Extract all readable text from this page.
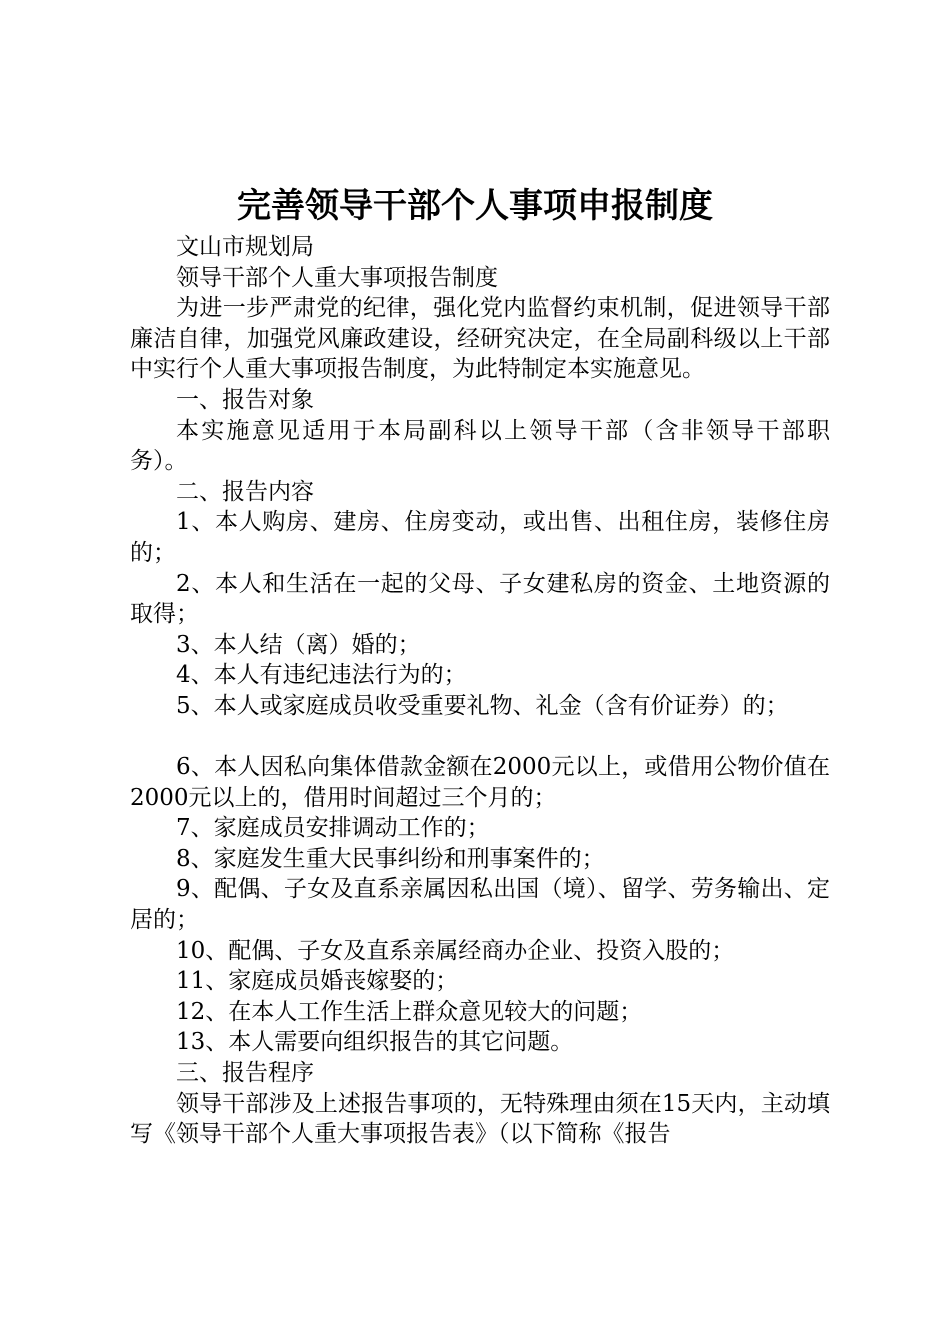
完善领导干部个人事项申报制度

文山市规划局

领导干部个人重大事项报告制度

为进一步严肃党的纪律，强化党内监督约束机制，促进领导干部廉洁自律，加强党风廉政建设，经研究决定，在全局副科级以上干部中实行个人重大事项报告制度，为此特制定本实施意见。

一、报告对象

本实施意见适用于本局副科以上领导干部（含非领导干部职务）。

二、报告内容

1、本人购房、建房、住房变动，或出售、出租住房，装修住房的；

2、本人和生活在一起的父母、子女建私房的资金、土地资源的取得；

3、本人结（离）婚的；

4、本人有违纪违法行为的；

5、本人或家庭成员收受重要礼物、礼金（含有价证券）的；

6、本人因私向集体借款金额在2000元以上，或借用公物价值在2000元以上的，借用时间超过三个月的；

7、家庭成员安排调动工作的；

8、家庭发生重大民事纠纷和刑事案件的；

9、配偶、子女及直系亲属因私出国（境）、留学、劳务输出、定居的；

10、配偶、子女及直系亲属经商办企业、投资入股的；

11、家庭成员婚丧嫁娶的；

12、在本人工作生活上群众意见较大的问题；

13、本人需要向组织报告的其它问题。

三、报告程序

领导干部涉及上述报告事项的，无特殊理由须在15天内，主动填写《领导干部个人重大事项报告表》（以下简称《报告
